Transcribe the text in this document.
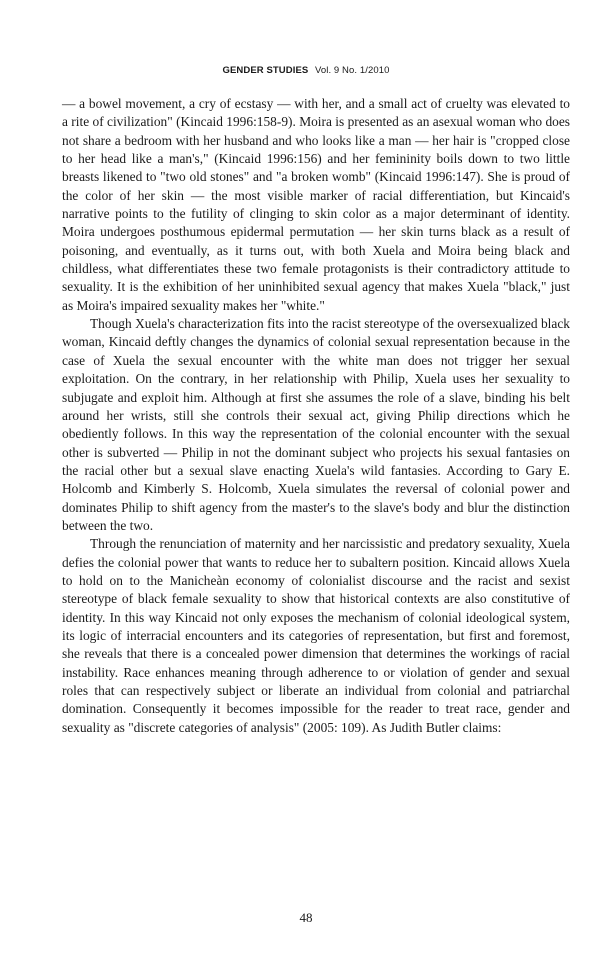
GENDER STUDIES Vol. 9 No. 1/2010

— a bowel movement, a cry of ecstasy — with her, and a small act of cruelty was elevated to a rite of civilization" (Kincaid 1996:158-9). Moira is presented as an asexual woman who does not share a bedroom with her husband and who looks like a man — her hair is "cropped close to her head like a man's," (Kincaid 1996:156) and her femininity boils down to two little breasts likened to "two old stones" and "a broken womb" (Kincaid 1996:147). She is proud of the color of her skin — the most visible marker of racial differentiation, but Kincaid's narrative points to the futility of clinging to skin color as a major determinant of identity. Moira undergoes posthumous epidermal permutation — her skin turns black as a result of poisoning, and eventually, as it turns out, with both Xuela and Moira being black and childless, what differentiates these two female protagonists is their contradictory attitude to sexuality. It is the exhibition of her uninhibited sexual agency that makes Xuela "black," just as Moira's impaired sexuality makes her "white."

Though Xuela's characterization fits into the racist stereotype of the oversexualized black woman, Kincaid deftly changes the dynamics of colonial sexual representation because in the case of Xuela the sexual encounter with the white man does not trigger her sexual exploitation. On the contrary, in her relationship with Philip, Xuela uses her sexuality to subjugate and exploit him. Although at first she assumes the role of a slave, binding his belt around her wrists, still she controls their sexual act, giving Philip directions which he obediently follows. In this way the representation of the colonial encounter with the sexual other is subverted — Philip in not the dominant subject who projects his sexual fantasies on the racial other but a sexual slave enacting Xuela's wild fantasies. According to Gary E. Holcomb and Kimberly S. Holcomb, Xuela simulates the reversal of colonial power and dominates Philip to shift agency from the master's to the slave's body and blur the distinction between the two.

Through the renunciation of maternity and her narcissistic and predatory sexuality, Xuela defies the colonial power that wants to reduce her to subaltern position. Kincaid allows Xuela to hold on to the Manicheàn economy of colonialist discourse and the racist and sexist stereotype of black female sexuality to show that historical contexts are also constitutive of identity. In this way Kincaid not only exposes the mechanism of colonial ideological system, its logic of interracial encounters and its categories of representation, but first and foremost, she reveals that there is a concealed power dimension that determines the workings of racial instability. Race enhances meaning through adherence to or violation of gender and sexual roles that can respectively subject or liberate an individual from colonial and patriarchal domination. Consequently it becomes impossible for the reader to treat race, gender and sexuality as "discrete categories of analysis" (2005: 109). As Judith Butler claims:

48
